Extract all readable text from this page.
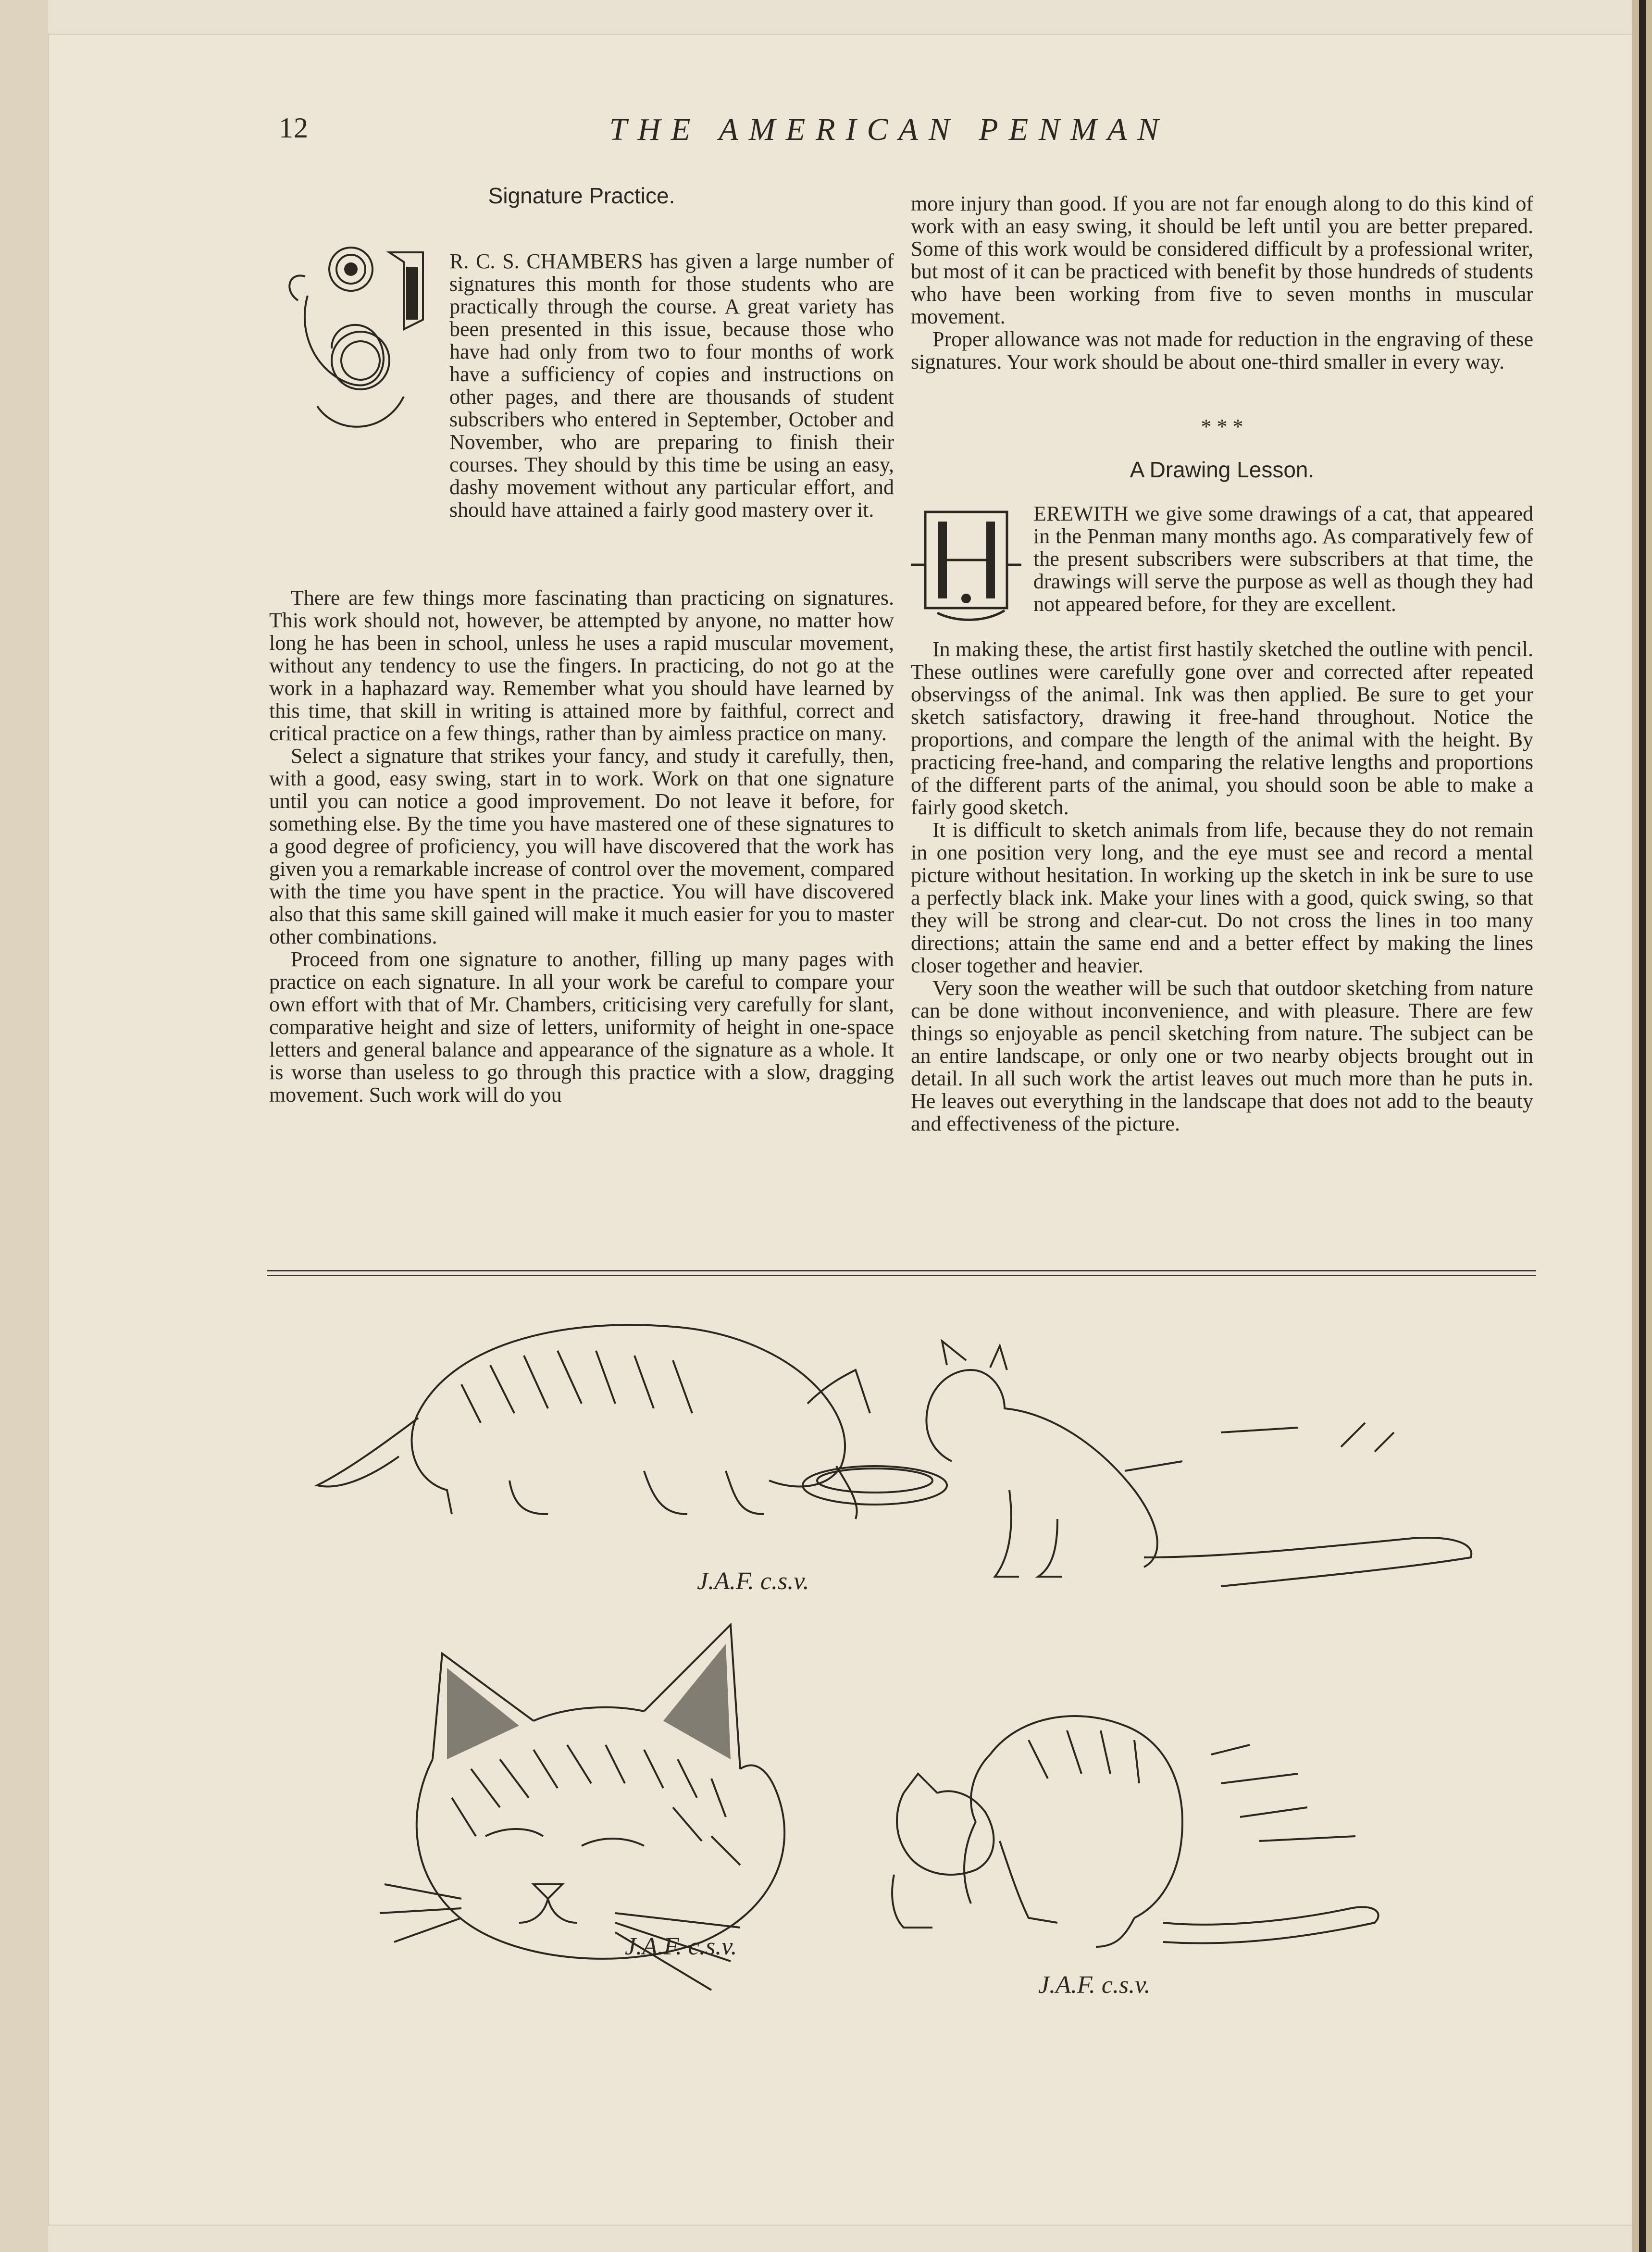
12	THE AMERICAN PENMAN
Signature Practice.

R. C. S. CHAMBERS has given a large number of signatures this month for those students who are practically through the course. A great variety has been presented in this issue, because those who have had only from two to four months of work have a sufficiency of copies and instructions on other pages, and there are thousands of student subscribers who entered in September, October and November, who are preparing to finish their courses. They should by this time be using an easy, dashy movement without any particular effort, and should have attained a fairly good mastery over it.

There are few things more fascinating than practicing on signatures. This work should not, however, be attempted by anyone, no matter how long he has been in school, unless he uses a rapid muscular movement, without any tendency to use the fingers. In practicing, do not go at the work in a haphazard way. Remember what you should have learned by this time, that skill in writing is attained more by faithful, correct and critical practice on a few things, rather than by aimless practice on many.

Select a signature that strikes your fancy, and study it carefully, then, with a good, easy swing, start in to work. Work on that one signature until you can notice a good improvement. Do not leave it before, for something else. By the time you have mastered one of these signatures to a good degree of proficiency, you will have discovered that the work has given you a remarkable increase of control over the movement, compared with the time you have spent in the practice. You will have discovered also that this same skill gained will make it much easier for you to master other combinations.

Proceed from one signature to another, filling up many pages with practice on each signature. In all your work be careful to compare your own effort with that of Mr. Chambers, criticising very carefully for slant, comparative height and size of letters, uniformity of height in one-space letters and general balance and appearance of the signature as a whole. It is worse than useless to go through this practice with a slow, dragging movement. Such work will do you

more injury than good. If you are not far enough along to do this kind of work with an easy swing, it should be left until you are better prepared. Some of this work would be considered difficult by a professional writer, but most of it can be practiced with benefit by those hundreds of students who have been working from five to seven months in muscular movement.

Proper allowance was not made for reduction in the engraving of these signatures. Your work should be about one-third smaller in every way.

* * *
A Drawing Lesson.

EREWITH we give some drawings of a cat, that appeared in the Penman many months ago. As comparatively few of the present subscribers were subscribers at that time, the drawings will serve the purpose as well as though they had not appeared before, for they are excellent.

In making these, the artist first hastily sketched the outline with pencil. These outlines were carefully gone over and corrected after repeated observingss of the animal. Ink was then applied. Be sure to get your sketch satisfactory, drawing it free-hand throughout. Notice the proportions, and compare the length of the animal with the height. By practicing free-hand, and comparing the relative lengths and proportions of the different parts of the animal, you should soon be able to make a fairly good sketch.

It is difficult to sketch animals from life, because they do not remain in one position very long, and the eye must see and record a mental picture without hesitation. In working up the sketch in ink be sure to use a perfectly black ink. Make your lines with a good, quick swing, so that they will be strong and clear-cut. Do not cross the lines in too many directions; attain the same end and a better effect by making the lines closer together and heavier.

Very soon the weather will be such that outdoor sketching from nature can be done without inconvenience, and with pleasure. There are few things so enjoyable as pencil sketching from nature. The subject can be an entire landscape, or only one or two nearby objects brought out in detail. In all such work the artist leaves out much more than he puts in. He leaves out everything in the landscape that does not add to the beauty and effectiveness of the picture.

J.A.F. c.s.v.
J.A.F. c.s.v.
J.A.F. c.s.v.
